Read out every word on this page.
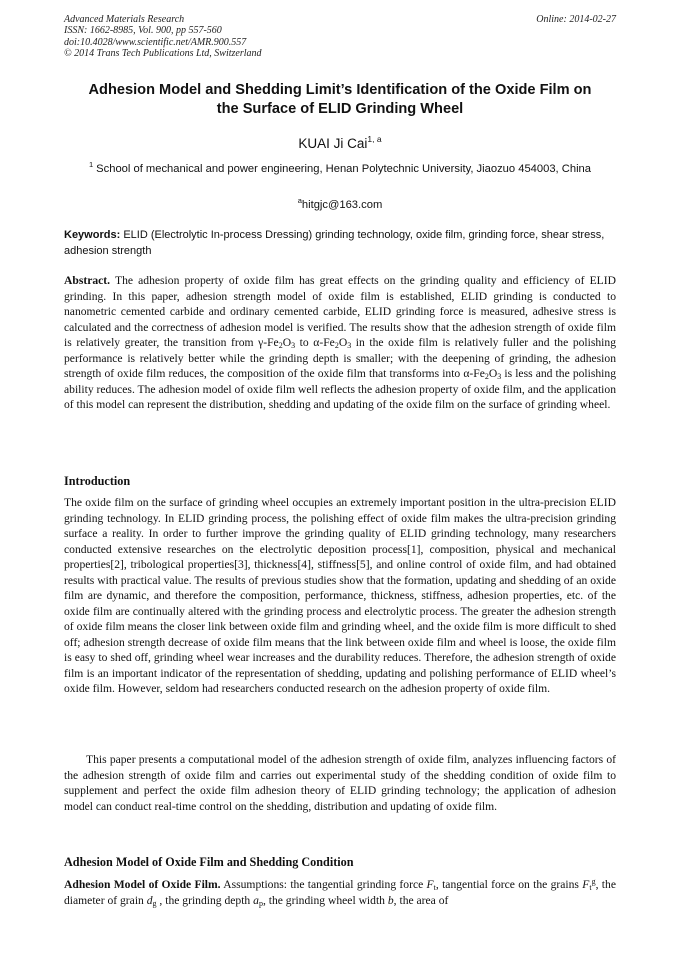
Advanced Materials Research
ISSN: 1662-8985, Vol. 900, pp 557-560
doi:10.4028/www.scientific.net/AMR.900.557
© 2014 Trans Tech Publications Ltd, Switzerland
Online: 2014-02-27
Adhesion Model and Shedding Limit’s Identification of the Oxide Film on
the Surface of ELID Grinding Wheel
KUAI Ji Cai$^{1, a}$
$^1$ School of mechanical and power engineering, Henan Polytechnic University, Jiaozuo 454003, China
$^a$hitgjc@163.com
Keywords: ELID (Electrolytic In-process Dressing) grinding technology, oxide film, grinding force, shear stress, adhesion strength
Abstract. The adhesion property of oxide film has great effects on the grinding quality and efficiency of ELID grinding. In this paper, adhesion strength model of oxide film is established, ELID grinding is conducted to nanometric cemented carbide and ordinary cemented carbide, ELID grinding force is measured, adhesive stress is calculated and the correctness of adhesion model is verified. The results show that the adhesion strength of oxide film is relatively greater, the transition from $\gamma-Fe_2O_3$ to $\alpha-Fe_2O_3$ in the oxide film is relatively fuller and the polishing performance is relatively better while the grinding depth is smaller; with the deepening of grinding, the adhesion strength of oxide film reduces, the composition of the oxide film that transforms into $\alpha-Fe_2O_3$ is less and the polishing ability reduces. The adhesion model of oxide film well reflects the adhesion property of oxide film, and the application of this model can represent the distribution, shedding and updating of the oxide film on the surface of grinding wheel.
Introduction
The oxide film on the surface of grinding wheel occupies an extremely important position in the ultra-precision ELID grinding technology. In ELID grinding process, the polishing effect of oxide film makes the ultra-precision grinding surface a reality. In order to further improve the grinding quality of ELID grinding technology, many researchers conducted extensive researches on the electrolytic deposition process[1], composition, physical and mechanical properties[2], tribological properties[3], thickness[4], stiffness[5], and online control of oxide film, and had obtained results with practical value. The results of previous studies show that the formation, updating and shedding of an oxide film are dynamic, and therefore the composition, performance, thickness, stiffness, adhesion properties, etc. of the oxide film are continually altered with the grinding process and electrolytic process. The greater the adhesion strength of oxide film means the closer link between oxide film and grinding wheel, and the oxide film is more difficult to shed off; adhesion strength decrease of oxide film means that the link between oxide film and wheel is loose, the oxide film is easy to shed off, grinding wheel wear increases and the durability reduces. Therefore, the adhesion strength of oxide film is an important indicator of the representation of shedding, updating and polishing performance of ELID wheel’s oxide film. However, seldom had researchers conducted research on the adhesion property of oxide film.
This paper presents a computational model of the adhesion strength of oxide film, analyzes influencing factors of the adhesion strength of oxide film and carries out experimental study of the shedding condition of oxide film to supplement and perfect the oxide film adhesion theory of ELID grinding technology; the application of adhesion model can conduct real-time control on the shedding, distribution and updating of oxide film.
Adhesion Model of Oxide Film and Shedding Condition
Adhesion Model of Oxide Film. Assumptions: the tangential grinding force $F_t$, tangential force on the grains $F_t^g$, the diameter of grain $d_g$ , the grinding depth $a_p$, the grinding wheel width b, the area of
